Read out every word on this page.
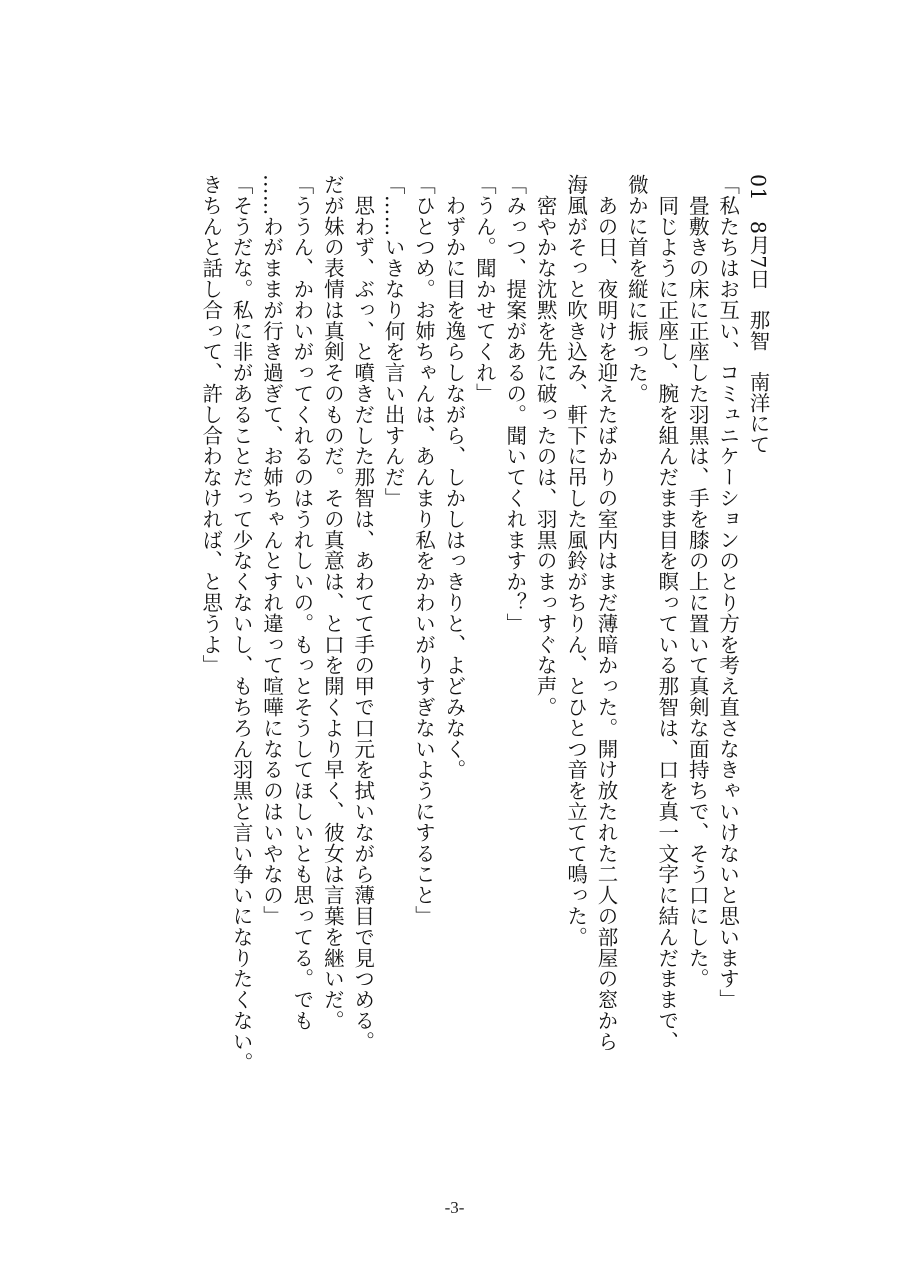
018月7日那智南洋にて
「私たちはお互い、コミュニケーションのとり方を考え直さなきゃいけないと思います」
　畳敷きの床に正座した羽黒は、手を膝の上に置いて真剣な面持ちで、そう口にした。
　同じように正座し、腕を組んだまま目を瞑っている那智は、口を真一文字に結んだままで、
微かに首を縦に振った。
　あの日、夜明けを迎えたばかりの室内はまだ薄暗かった。開け放たれた二人の部屋の窓から
海風がそっと吹き込み、軒下に吊した風鈴がちりん、とひとつ音を立てて鳴った。
　密やかな沈黙を先に破ったのは、羽黒のまっすぐな声。
「みっつ、提案があるの。聞いてくれますか？」
「うん。聞かせてくれ」
　わずかに目を逸らしながら、しかしはっきりと、よどみなく。
「ひとつめ。お姉ちゃんは、あんまり私をかわいがりすぎないようにすること」
「……いきなり何を言い出すんだ」
　思わず、ぶっ、と噴きだした那智は、あわてて手の甲で口元を拭いながら薄目で見つめる。
だが妹の表情は真剣そのものだ。その真意は、と口を開くより早く、彼女は言葉を継いだ。
「ううん、かわいがってくれるのはうれしいの。もっとそうしてほしいとも思ってる。でも
……わがままが行き過ぎて、お姉ちゃんとすれ違って喧嘩になるのはいやなの」
「そうだな。私に非があることだって少なくないし、もちろん羽黒と言い争いになりたくない。
きちんと話し合って、許し合わなければ、と思うよ」
-3-
